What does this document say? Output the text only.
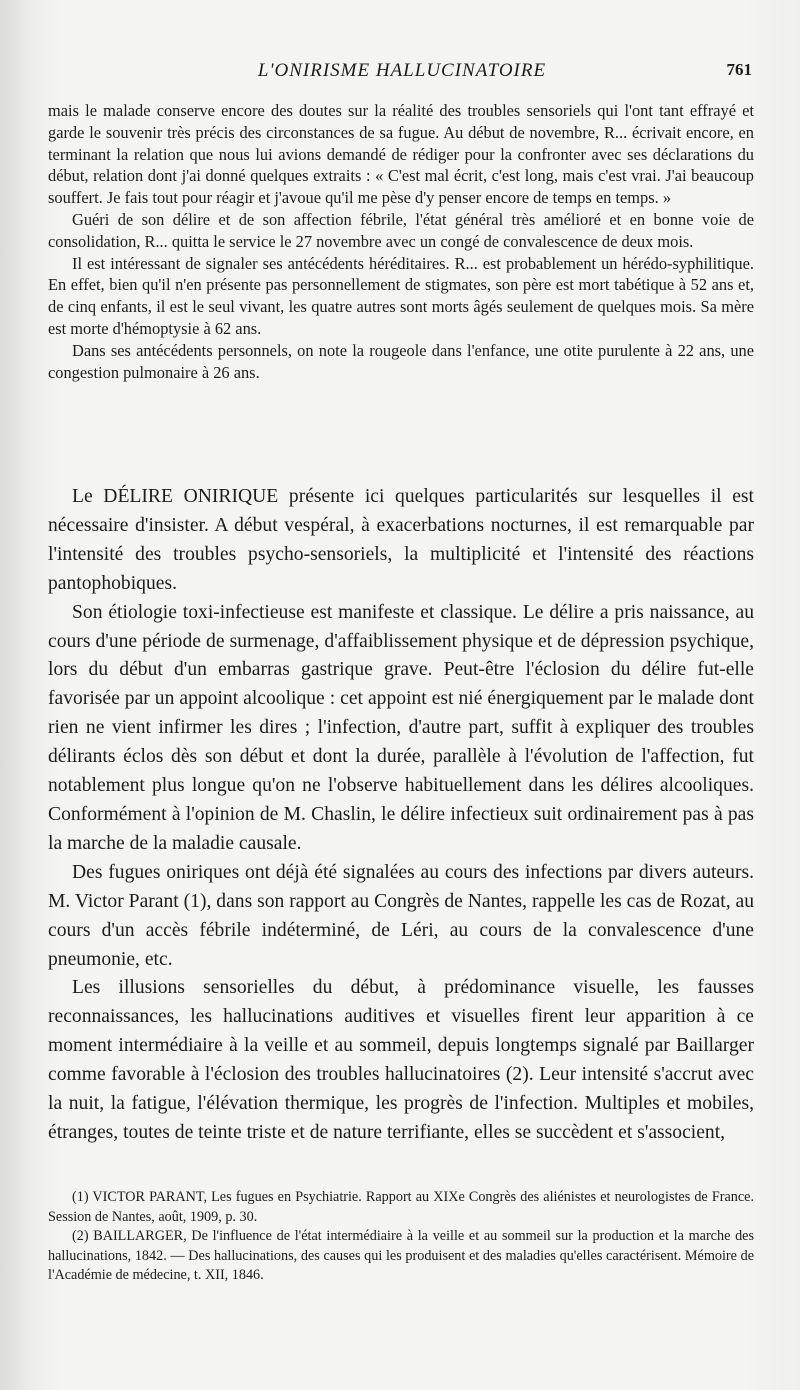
L'ONIRISME HALLUCINATOIRE	761

mais le malade conserve encore des doutes sur la réalité des troubles sensoriels qui l'ont tant effrayé et garde le souvenir très précis des circonstances de sa fugue. Au début de novembre, R... écrivait encore, en terminant la relation que nous lui avions demandé de rédiger pour la confronter avec ses déclarations du début, relation dont j'ai donné quelques extraits : « C'est mal écrit, c'est long, mais c'est vrai. J'ai beaucoup souffert. Je fais tout pour réagir et j'avoue qu'il me pèse d'y penser encore de temps en temps. »

Guéri de son délire et de son affection fébrile, l'état général très amélioré et en bonne voie de consolidation, R... quitta le service le 27 novembre avec un congé de convalescence de deux mois.

Il est intéressant de signaler ses antécédents héréditaires. R... est probablement un hérédo-syphilitique. En effet, bien qu'il n'en présente pas personnellement de stigmates, son père est mort tabétique à 52 ans et, de cinq enfants, il est le seul vivant, les quatre autres sont morts âgés seulement de quelques mois. Sa mère est morte d'hémoptysie à 62 ans.

Dans ses antécédents personnels, on note la rougeole dans l'enfance, une otite purulente à 22 ans, une congestion pulmonaire à 26 ans.

Le DÉLIRE ONIRIQUE présente ici quelques particularités sur lesquelles il est nécessaire d'insister. A début vespéral, à exacerbations nocturnes, il est remarquable par l'intensité des troubles psycho-sensoriels, la multiplicité et l'intensité des réactions pantophobiques.

Son étiologie toxi-infectieuse est manifeste et classique. Le délire a pris naissance, au cours d'une période de surmenage, d'affaiblissement physique et de dépression psychique, lors du début d'un embarras gastrique grave. Peut-être l'éclosion du délire fut-elle favorisée par un appoint alcoolique : cet appoint est nié énergiquement par le malade dont rien ne vient infirmer les dires ; l'infection, d'autre part, suffit à expliquer des troubles délirants éclos dès son début et dont la durée, parallèle à l'évolution de l'affection, fut notablement plus longue qu'on ne l'observe habituellement dans les délires alcooliques. Conformément à l'opinion de M. Chaslin, le délire infectieux suit ordinairement pas à pas la marche de la maladie causale.

Des fugues oniriques ont déjà été signalées au cours des infections par divers auteurs. M. Victor Parant (1), dans son rapport au Congrès de Nantes, rappelle les cas de Rozat, au cours d'un accès fébrile indéterminé, de Léri, au cours de la convalescence d'une pneumonie, etc.

Les illusions sensorielles du début, à prédominance visuelle, les fausses reconnaissances, les hallucinations auditives et visuelles firent leur apparition à ce moment intermédiaire à la veille et au sommeil, depuis longtemps signalé par Baillarger comme favorable à l'éclosion des troubles hallucinatoires (2). Leur intensité s'accrut avec la nuit, la fatigue, l'élévation thermique, les progrès de l'infection. Multiples et mobiles, étranges, toutes de teinte triste et de nature terrifiante, elles se succèdent et s'associent,

(1) VICTOR PARANT, Les fugues en Psychiatrie. Rapport au XIXe Congrès des aliénistes et neurologistes de France. Session de Nantes, août, 1909, p. 30.

(2) BAILLARGER, De l'influence de l'état intermédiaire à la veille et au sommeil sur la production et la marche des hallucinations, 1842. — Des hallucinations, des causes qui les produisent et des maladies qu'elles caractérisent. Mémoire de l'Académie de médecine, t. XII, 1846.
